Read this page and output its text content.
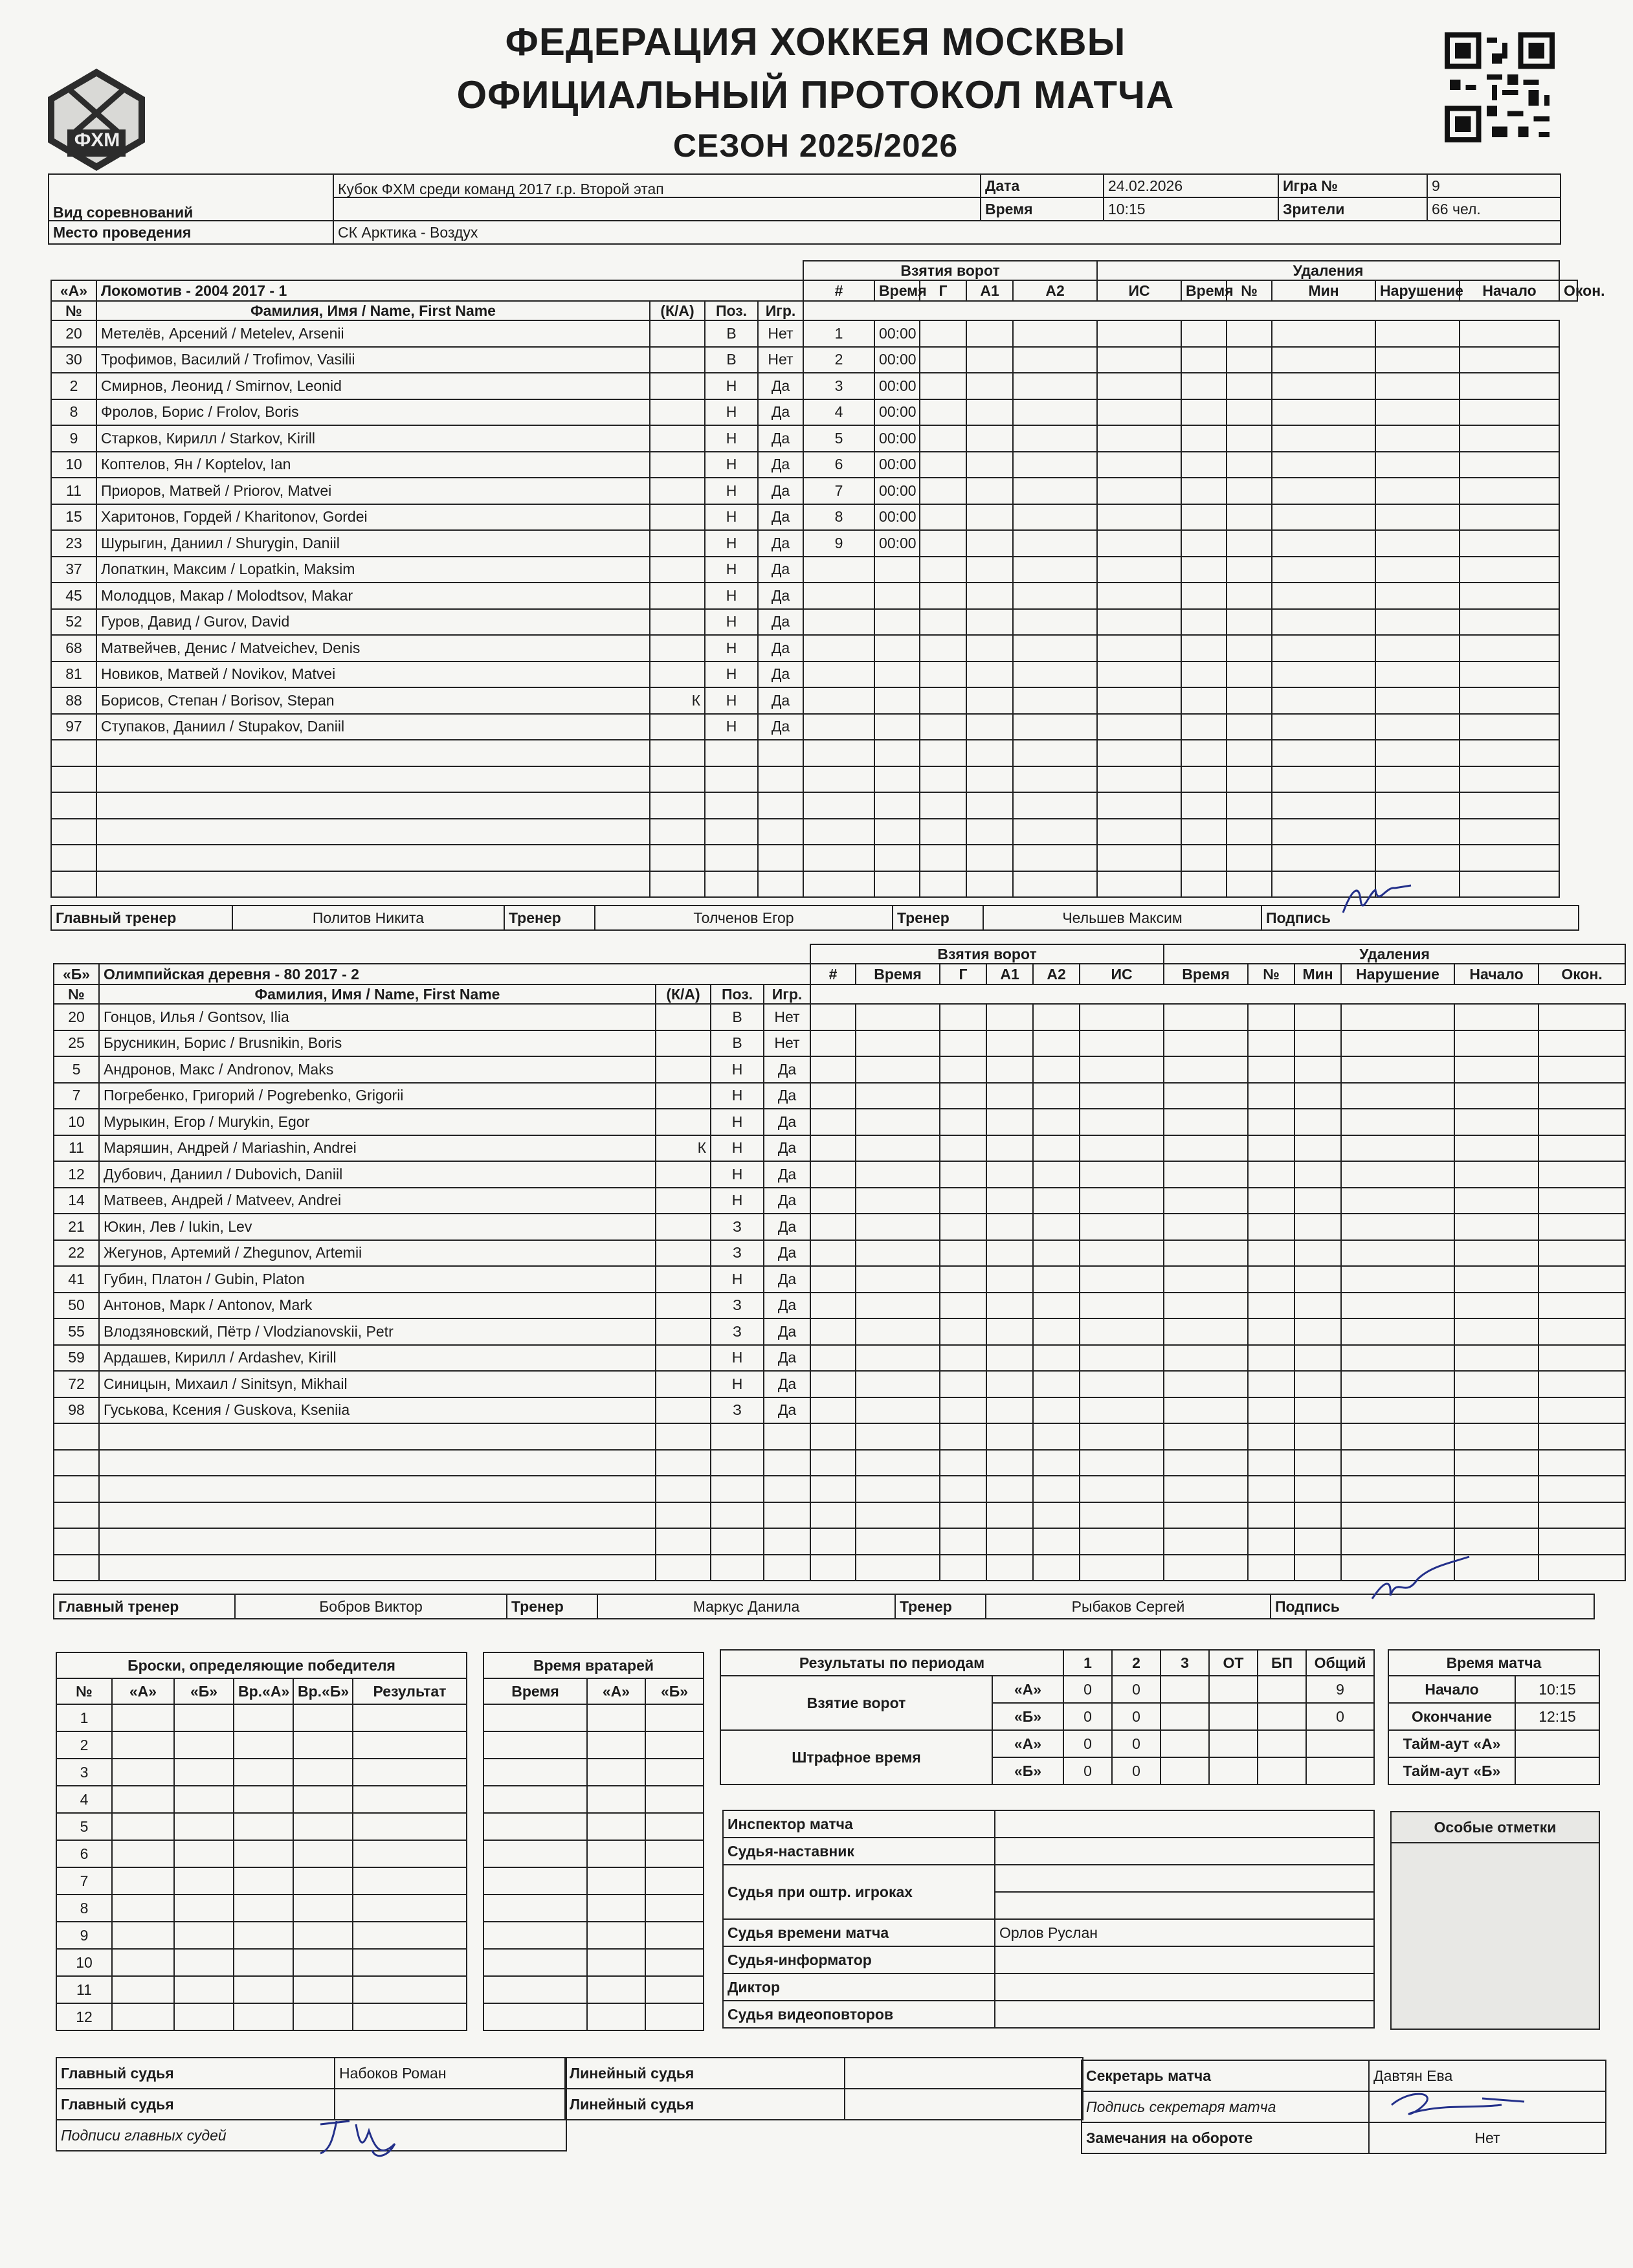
ФХМ
ФЕДЕРАЦИЯ ХОККЕЯ МОСКВЫ
ОФИЦИАЛЬНЫЙ ПРОТОКОЛ МАТЧА
СЕЗОН 2025/2026
Вид соревнований	Кубок ФХМ среди команд 2017 г.р. Второй этап	Дата	24.02.2026	Игра №	9
		Время	10:15	Зрители	66 чел.
Место проведения	СК Арктика - Воздух				
					Взятия ворот					Удаления						
«А»	Локомотив - 2004 2017 - 1				#	Время	Г	А1	А2	ИС	Время	№	Мин	Нарушение	Начало	Окон.
№	Фамилия, Имя / Name, First Name	(К/А)	Поз.	Игр.												
20	Метелёв, Арсений / Metelev, Arsenii		В	Нет	1	00:00										
30	Трофимов, Василий / Trofimov, Vasilii		В	Нет	2	00:00										
2	Смирнов, Леонид / Smirnov, Leonid		Н	Да	3	00:00										
8	Фролов, Борис / Frolov, Boris		Н	Да	4	00:00										
9	Старков, Кирилл / Starkov, Kirill		Н	Да	5	00:00										
10	Коптелов, Ян / Koptelov, Ian		Н	Да	6	00:00										
11	Приоров, Матвей / Priorov, Matvei		Н	Да	7	00:00										
15	Харитонов, Гордей / Kharitonov, Gordei		Н	Да	8	00:00										
23	Шурыгин, Даниил / Shurygin, Daniil		Н	Да	9	00:00										
37	Лопаткин, Максим / Lopatkin, Maksim		Н	Да												
45	Молодцов, Макар / Molodtsov, Makar		Н	Да												
52	Гуров, Давид / Gurov, David		Н	Да												
68	Матвейчев, Денис / Matveichev, Denis		Н	Да												
81	Новиков, Матвей / Novikov, Matvei		Н	Да												
88	Борисов, Степан / Borisov, Stepan	К	Н	Да												
97	Ступаков, Даниил / Stupakov, Daniil		Н	Да												

Главный тренер	Политов Никита	Тренер	Толченов Егор	Тренер	Чельшев Максим	Подпись
					Взятия ворот						Удаления					
«Б»	Олимпийская деревня - 80 2017 - 2				#	Время	Г	А1	А2	ИС	Время	№	Мин	Нарушение	Начало	Окон.
№	Фамилия, Имя / Name, First Name	(К/А)	Поз.	Игр.												
20	Гонцов, Илья / Gontsov, Ilia		В	Нет												
25	Брусникин, Борис / Brusnikin, Boris		В	Нет												
5	Андронов, Макс / Andronov, Maks		Н	Да												
7	Погребенко, Григорий / Pogrebenko, Grigorii		Н	Да												
10	Мурыкин, Егор / Murykin, Egor		Н	Да												
11	Маряшин, Андрей / Mariashin, Andrei	К	Н	Да												
12	Дубович, Даниил / Dubovich, Daniil		Н	Да												
14	Матвеев, Андрей / Matveev, Andrei		Н	Да												
21	Юкин, Лев / Iukin, Lev		З	Да												
22	Жегунов, Артемий / Zhegunov, Artemii		З	Да												
41	Губин, Платон / Gubin, Platon		Н	Да												
50	Антонов, Марк / Antonov, Mark		З	Да												
55	Влодзяновский, Пётр / Vlodzianovskii, Petr		З	Да												
59	Ардашев, Кирилл / Ardashev, Kirill		Н	Да												
72	Синицын, Михаил / Sinitsyn, Mikhail		Н	Да												
98	Гуськова, Ксения / Guskova, Kseniia		З	Да												

Главный тренер	Бобров Виктор	Тренер	Маркус Данила	Тренер	Рыбаков Сергей	Подпись
Броски, определяющие победителя					
№	«А»	«Б»	Вр.«А»	Вр.«Б»	Результат
1					
2					
3					
4					
5					
6					
7					
8					
9					
10					
11					
12					
Время вратарей		
Время	«А»	«Б»

Результаты по периодам		1	2	3	ОТ	БП	Общий
Взятие ворот	«А»	0	0				9
	«Б»	0	0				0
Штрафное время	«А»	0	0				
	«Б»	0	0				
Время матча	
Начало	10:15
Окончание	12:15
Тайм-аут «А»	
Тайм-аут «Б»	
Инспектор матча	
Судья-наставник	
Судья при оштр. игроках	

Судья времени матча	Орлов Руслан
Судья-информатор	
Диктор	
Судья видеоповторов	
Особые отметки

Главный судья	Набоков Роман
Главный судья	
Подписи главных судей	
Линейный судья	
Линейный судья	
Секретарь матча	Давтян Ева
Подпись секретаря матча	
Замечания на обороте	Нет
